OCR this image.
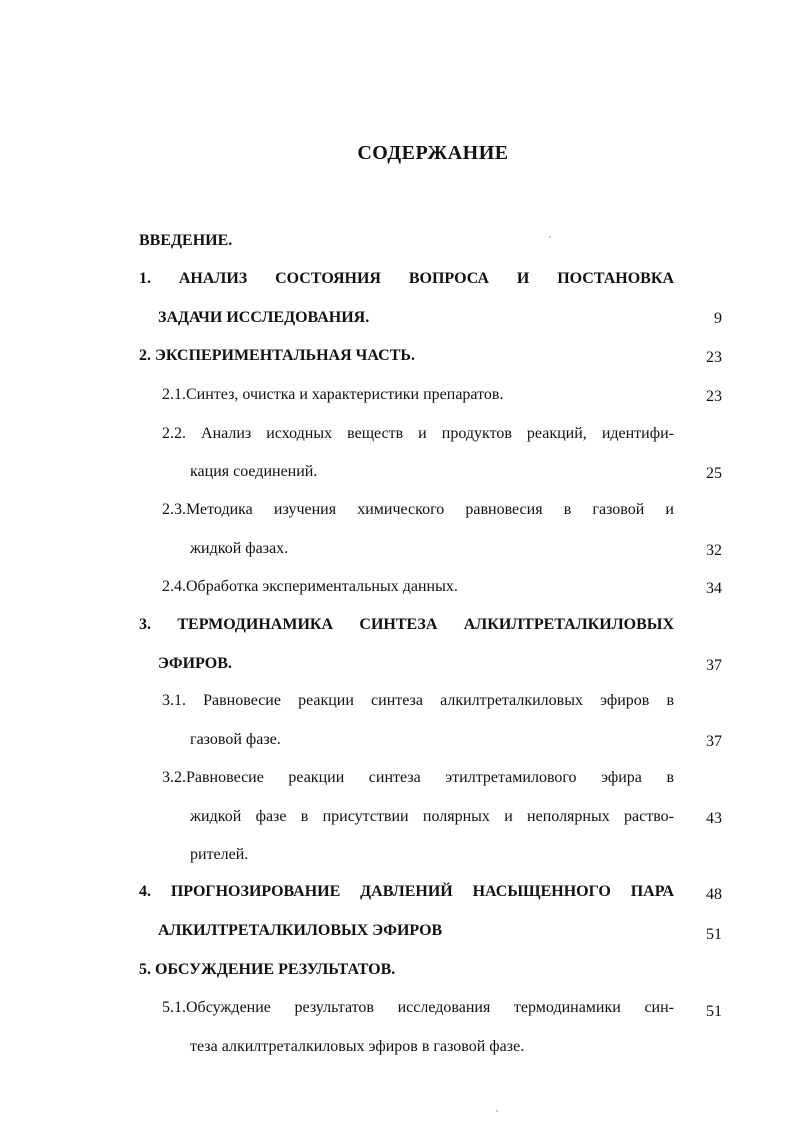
СОДЕРЖАНИЕ
ВВЕДЕНИЕ.
1. АНАЛИЗ СОСТОЯНИЯ ВОПРОСА И ПОСТАНОВКА
ЗАДАЧИ ИССЛЕДОВАНИЯ.	9
2. ЭКСПЕРИМЕНТАЛЬНАЯ ЧАСТЬ.	23
2.1.Синтез, очистка и характеристики препаратов.	23
2.2. Анализ исходных веществ и продуктов реакций, идентифи-
кация соединений.	25
2.3.Методика изучения химического равновесия в газовой и
жидкой фазах.	32
2.4.Обработка экспериментальных данных.	34
3. ТЕРМОДИНАМИКА СИНТЕЗА АЛКИЛТРЕТАЛКИЛОВЫХ
ЭФИРОВ.	37
3.1. Равновесие реакции синтеза алкилтреталкиловых эфиров в
газовой фазе.	37
3.2.Равновесие реакции синтеза этилтретамилового эфира в
жидкой фазе в присутствии полярных и неполярных раство-	43
рителей.
4. ПРОГНОЗИРОВАНИЕ ДАВЛЕНИЙ НАСЫЩЕННОГО ПАРА	48
АЛКИЛТРЕТАЛКИЛОВЫХ ЭФИРОВ	51
5. ОБСУЖДЕНИЕ РЕЗУЛЬТАТОВ.
5.1.Обсуждение результатов исследования термодинамики син-	51
теза алкилтреталкиловых эфиров в газовой фазе.
